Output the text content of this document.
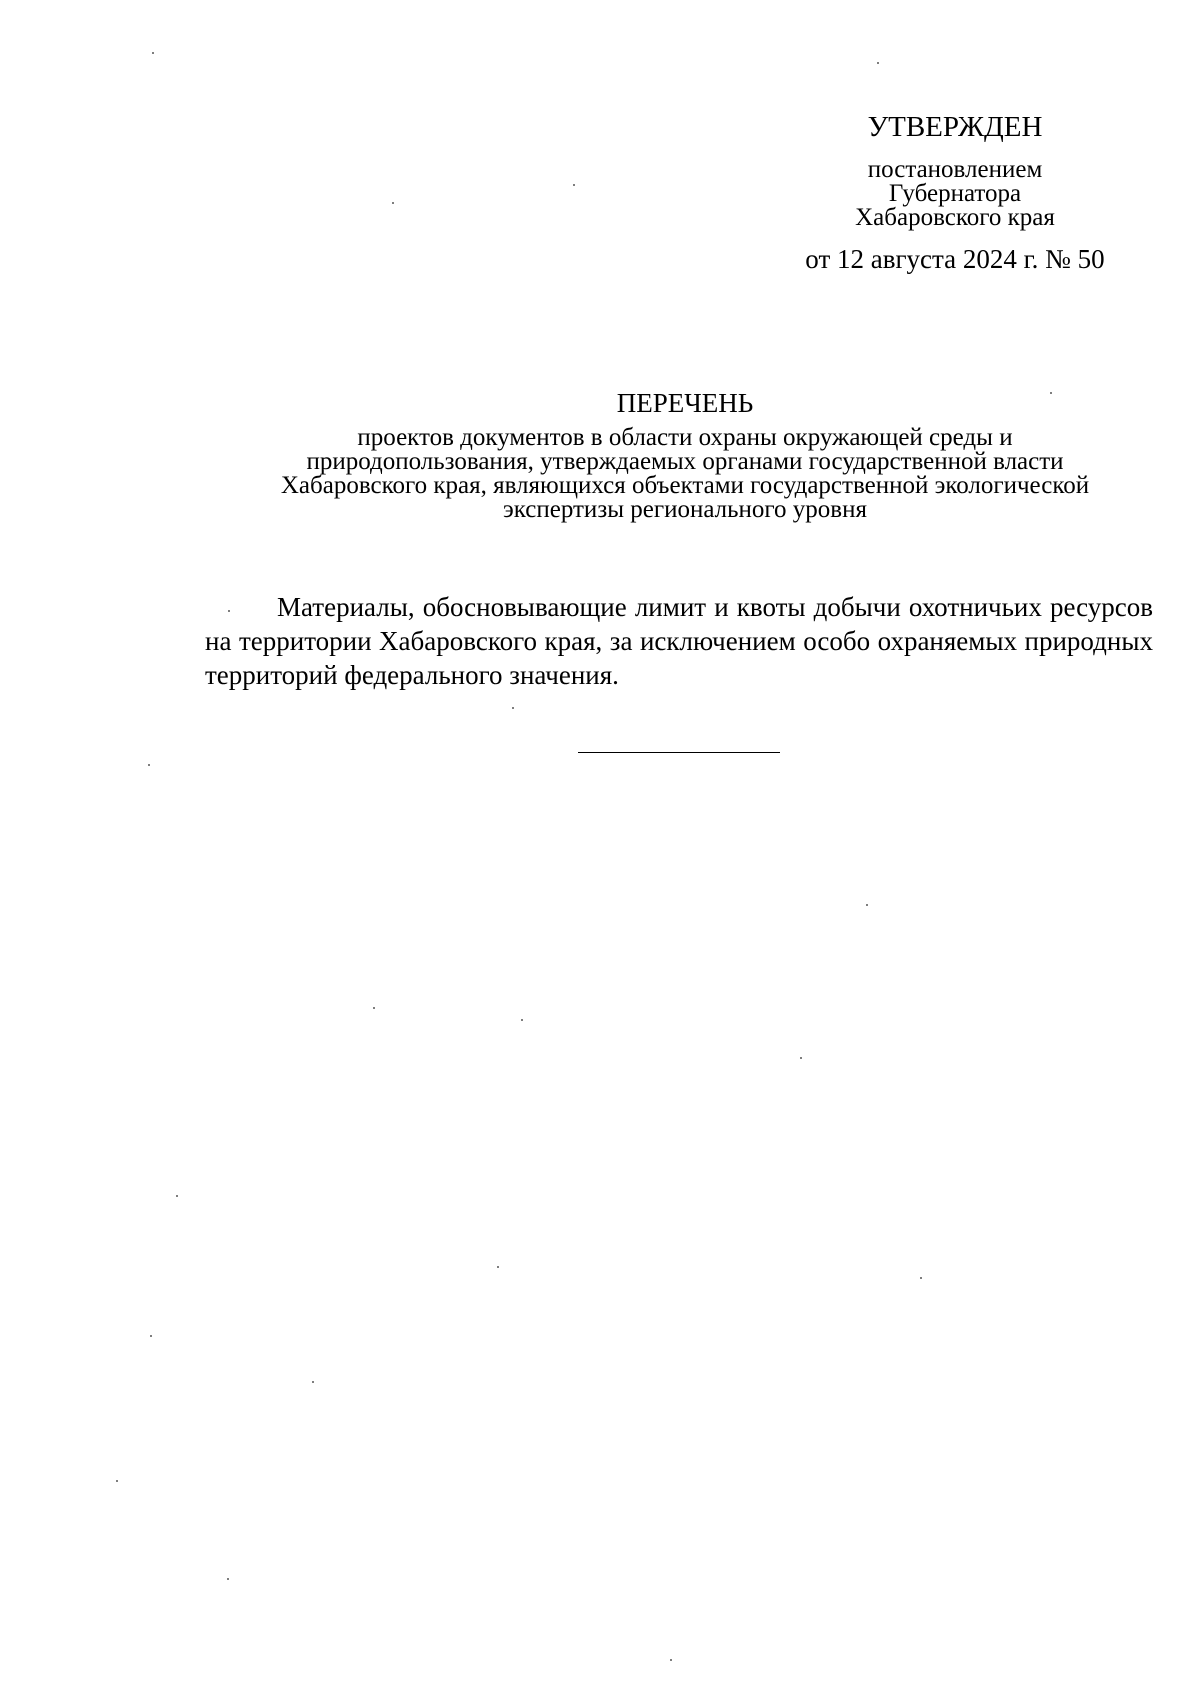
УТВЕРЖДЕН
постановлением
Губернатора
Хабаровского края
от 12 августа 2024 г. № 50
ПЕРЕЧЕНЬ
проектов документов в области охраны окружающей среды и
природопользования, утверждаемых органами государственной власти
Хабаровского края, являющихся объектами государственной экологической
экспертизы регионального уровня
Материалы, обосновывающие лимит и квоты добычи охотничьих ресурсов на территории Хабаровского края, за исключением особо охраняемых природных территорий федерального значения.
